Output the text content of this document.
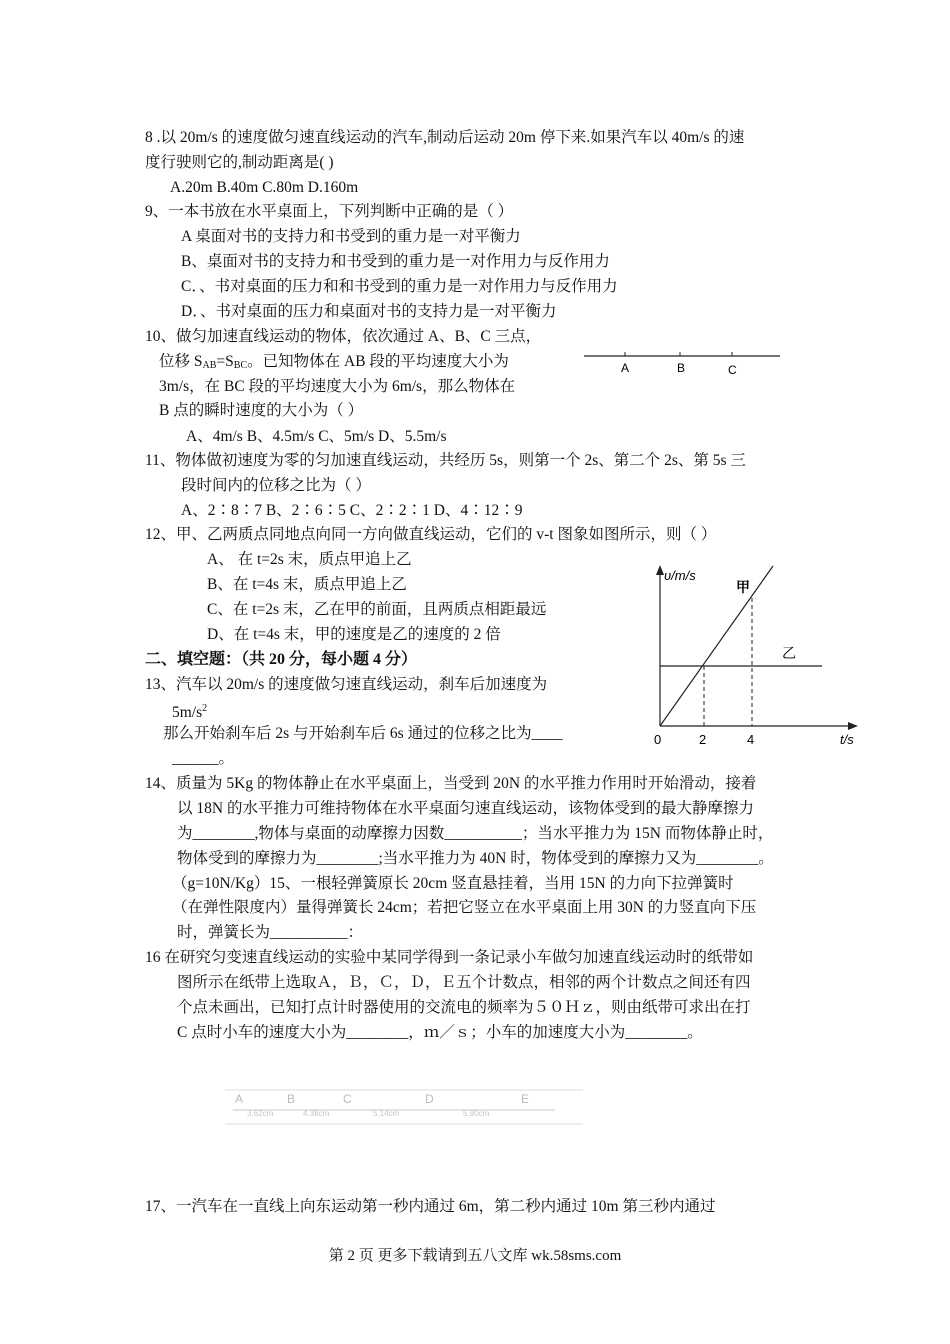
8 .以 20m/s 的速度做匀速直线运动的汽车,制动后运动 20m 停下来.如果汽车以 40m/s 的速
度行驶则它的,制动距离是( )
A.20m B.40m C.80m D.160m
9、一本书放在水平桌面上，下列判断中正确的是（ ）
A 桌面对书的支持力和书受到的重力是一对平衡力
B、桌面对书的支持力和书受到的重力是一对作用力与反作用力
C．、书对桌面的压力和和书受到的重力是一对作用力与反作用力
D．、书对桌面的压力和桌面对书的支持力是一对平衡力
10、做匀加速直线运动的物体，依次通过 A、B、C 三点，
位移 $S_{AB}=S_{BC}$。已知物体在 AB 段的平均速度大小为
3m/s，在 BC 段的平均速度大小为 6m/s，那么物体在
B 点的瞬时速度的大小为（ ）
A、4m/s B、4.5m/s C、5m/s D、5.5m/s
A	B	C
11、物体做初速度为零的匀加速直线运动，共经历 5s，则第一个 2s、第二个 2s、第 5s 三
段时间内的位移之比为（ ）
A、2∶8∶7 B、2∶6∶5 C、2∶2∶1 D、4∶12∶9
12、甲、乙两质点同地点向同一方向做直线运动，它们的 v-t 图象如图所示，则（ ）
A、 在 t=2s 末，质点甲追上乙
B、在 t=4s 末，质点甲追上乙
C、在 t=2s 末，乙在甲的前面，且两质点相距最远
D、在 t=4s 末，甲的速度是乙的速度的 2 倍
υ/m/s
t/s
0	2	4
甲
乙
二、填空题：（共 20 分，每小题 4 分）
13、汽车以 20m/s 的速度做匀速直线运动，刹车后加速度为
$5m/s^2$
那么开始刹车后 2s 与开始刹车后 6s 通过的位移之比为____
______。
14、质量为 5Kg 的物体静止在水平桌面上，当受到 20N 的水平推力作用时开始滑动，接着
以 18N 的水平推力可维持物体在水平桌面匀速直线运动，该物体受到的最大静摩擦力
为________,物体与桌面的动摩擦力因数__________；当水平推力为 15N 而物体静止时，
物体受到的摩擦力为________;当水平推力为 40N 时，物体受到的摩擦力又为________。
（g=10N/Kg）15、一根轻弹簧原长 20cm 竖直悬挂着，当用 15N 的力向下拉弹簧时
（在弹性限度内）量得弹簧长 24cm；若把它竖立在水平桌面上用 30N 的力竖直向下压
时，弹簧长为__________：
16 在研究匀变速直线运动的实验中某同学得到一条记录小车做匀加速直线运动时的纸带如
图所示在纸带上选取Ａ，Ｂ，Ｃ，Ｄ，Ｅ五个计数点，相邻的两个计数点之间还有四
个点未画出，已知打点计时器使用的交流电的频率为５０Ｈｚ，则由纸带可求出在打
C 点时小车的速度大小为________，ｍ／ｓ；小车的加速度大小为________。
A	B	C	D	E
3.62cm	4.38cm	5.14cm	5.90cm
17、一汽车在一直线上向东运动第一秒内通过 6m，第二秒内通过 10m 第三秒内通过
第 2 页 更多下载请到五八文库 wk.58sms.com
